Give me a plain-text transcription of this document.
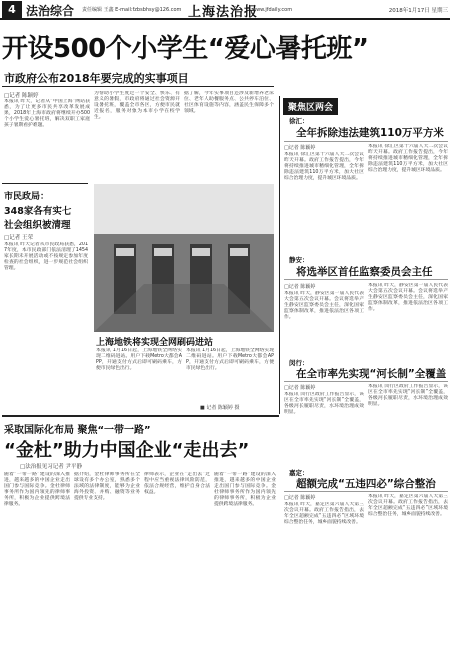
4 法治综合 责任编辑 王鑫 E-mail:fzbsbhsy@126.com 上海法治报
www.jfdaily.com	2018年1月17日 星期三
开设500个小学生“爱心暑托班”
市政府公布2018年要完成的实事项目
□记者 陈颖婷
本报讯 昨天，记者从“中国上海”网站获悉，为了让更多市民共享改革发展成果，2018年上海市政府将继续开办500个小学生爱心暑托班，解决双职工家庭孩子暑期看护难题。
为帮助小学生度过一个安全、快乐、有意义的暑假，市政府将通过社会资源开设暑托班，覆盖全市各区，方便市民就近报名，服务对象为本市小学在校学生。
据了解，今年实事项目还涉及新增养老床位、老年人助餐服务点、公共停车泊位、社区体育设施等内容，涵盖民生保障多个领域。
市民政局：
348家各有实七
社会组织被清理
□记者 王荣
本报讯 昨天记者从市民政局获悉，2017年度，本市民政部门依法清理了1454家长期未开展活动或不按规定参加年度检查的社会组织，进一步规范社会组织管理。
上海地铁将实现全网刷码进站
本报讯 1月16日起，上海地铁全网络实现二维码进站。用户下载Metro大都会APP，开通支付方式后即可刷码乘车，方便市民绿色出行。
本报讯 1月16日起，上海地铁全网络实现二维码进站。用户下载Metro大都会APP，开通支付方式后即可刷码乘车，方便市民绿色出行。
■ 记者 陈颖婷 摄
聚焦区两会
徐汇：
全年拆除违法建筑110万平方米
□记者 陈颖婷
本报讯 徐汇区第十六届人大二次会议昨天开幕。政府工作报告提出，今年将持续推进城市精细化管理，全年拆除违法建筑110万平方米，加大社区综合治理力度，提升城区环境品质。
本报讯 徐汇区第十六届人大二次会议昨天开幕。政府工作报告提出，今年将持续推进城市精细化管理，全年拆除违法建筑110万平方米，加大社区综合治理力度，提升城区环境品质。
静安：
将选举区首任监察委员会主任
□记者 陈颖婷
本报讯 昨天，静安区第一届人民代表大会第五次会议开幕。会议将选举产生静安区监察委员会主任，深化国家监察体制改革，推进依法治区各项工作。
本报讯 昨天，静安区第一届人民代表大会第五次会议开幕。会议将选举产生静安区监察委员会主任，深化国家监察体制改革，推进依法治区各项工作。
闵行：
在全市率先实现“河长制”全覆盖
□记者 陈颖婷
本报讯 闵行区政府工作报告显示，该区在全市率先实现“河长制”全覆盖，各级河长履职尽责，水环境治理成效明显。
本报讯 闵行区政府工作报告显示，该区在全市率先实现“河长制”全覆盖，各级河长履职尽责，水环境治理成效明显。
嘉定：
超额完成“五违四必”综合整治
□记者 陈颖婷
本报讯 昨天，嘉定区第六届人大第三次会议开幕。政府工作报告指出，去年全区超额完成“五违四必”区域环境综合整治任务，城乡面貌持续改善。
本报讯 昨天，嘉定区第六届人大第三次会议开幕。政府工作报告指出，去年全区超额完成“五违四必”区域环境综合整治任务，城乡面貌持续改善。
采取国际化布局 聚焦“一带一路”
“金杜”助力中国企业“走出去”
□法治报见习记者 尹平静
随着“一带一路”建设的深入推进，越来越多的中国企业走出国门参与国际竞争。金杜律师事务所作为国内领先的律师事务所，积极为企业提供跨境法律服务。
据介绍，金杜律师事务所在全球设有多个办公室，熟悉多个法域的法律制度，能够为企业海外投资、并购、融资等业务提供专业支持。
律师表示，企业在“走出去”过程中应当重视法律风险防范，依法合规经营，维护自身合法权益。
随着“一带一路”建设的深入推进，越来越多的中国企业走出国门参与国际竞争。金杜律师事务所作为国内领先的律师事务所，积极为企业提供跨境法律服务。
